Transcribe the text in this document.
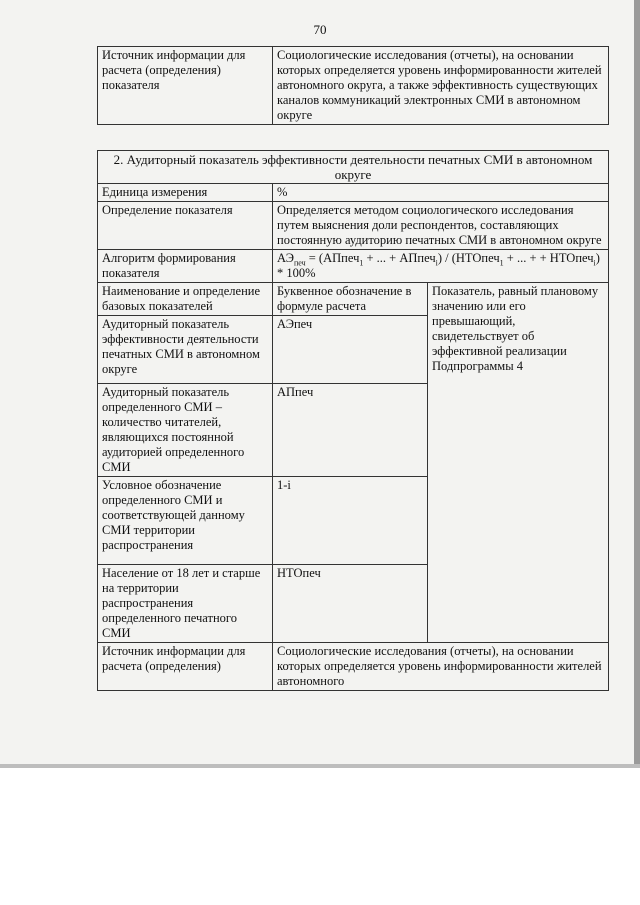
70
Источник информации для расчета (определения) показателя	Социологические исследования (отчеты), на основании которых определяется уровень информированности жителей автономного округа, а также эффективность существующих каналов коммуникаций электронных СМИ в автономном округе
2. Аудиторный показатель эффективности деятельности печатных СМИ в автономном округе		
Единица измерения	%	
Определение показателя	Определяется методом социологического исследования путем выяснения доли респондентов, составляющих постоянную аудиторию печатных СМИ в автономном округе	
Алгоритм формирования показателя	$АЭ_{печ}$ = (АПпеч$_1$ + ... + АПпеч$_i$) / (НТОпеч$_1$ + ... + + НТОпеч$_i$) * 100%	
Наименование и определение базовых показателей	Буквенное обозначение в формуле расчета	Показатель, равный плановому значению или его превышающий, свидетельствует об эффективной реализации Подпрограммы 4
Аудиторный показатель эффективности деятельности печатных СМИ в автономном округе	АЭпеч	
Аудиторный показатель определенного СМИ – количество читателей, являющихся постоянной аудиторией определенного СМИ	АПпеч	
Условное обозначение определенного СМИ и соответствующей данному СМИ территории распространения	1-i	
Население от 18 лет и старше на территории распространения определенного печатного СМИ	НТОпеч	
Источник информации для расчета (определения)	Социологические исследования (отчеты), на основании которых определяется уровень информированности жителей автономного	
